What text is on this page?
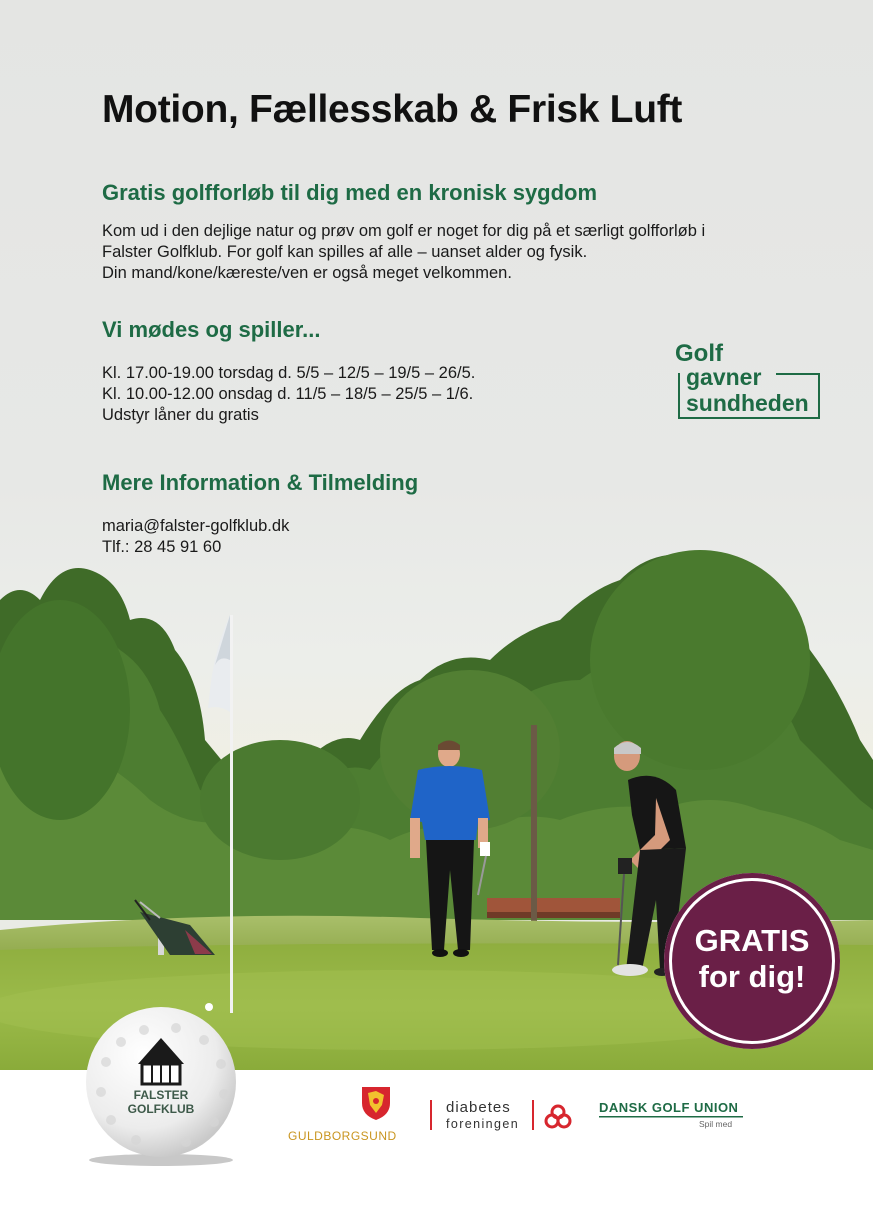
Motion, Fællesskab & Frisk Luft
Gratis golfforløb til dig med en kronisk sygdom
Kom ud i den dejlige natur og prøv om golf er noget for dig på et særligt golfforløb i
Falster Golfklub. For golf kan spilles af alle – uanset alder og fysik.
Din mand/kone/kæreste/ven er også meget velkommen.
Vi mødes og spiller...
Kl. 17.00-19.00 torsdag d. 5/5 – 12/5 – 19/5 – 26/5.
Kl. 10.00-12.00 onsdag d. 11/5 – 18/5 – 25/5 – 1/6.
Udstyr låner du gratis
Golf
gavner
sundheden
Mere Information & Tilmelding
maria@falster-golfklub.dk
Tlf.: 28 45 91 60
GRATIS
for dig!
FALSTER
GOLFKLUB
GULDBORGSUND
diabetes
foreningen
DANSK GOLF UNION
Spil med
